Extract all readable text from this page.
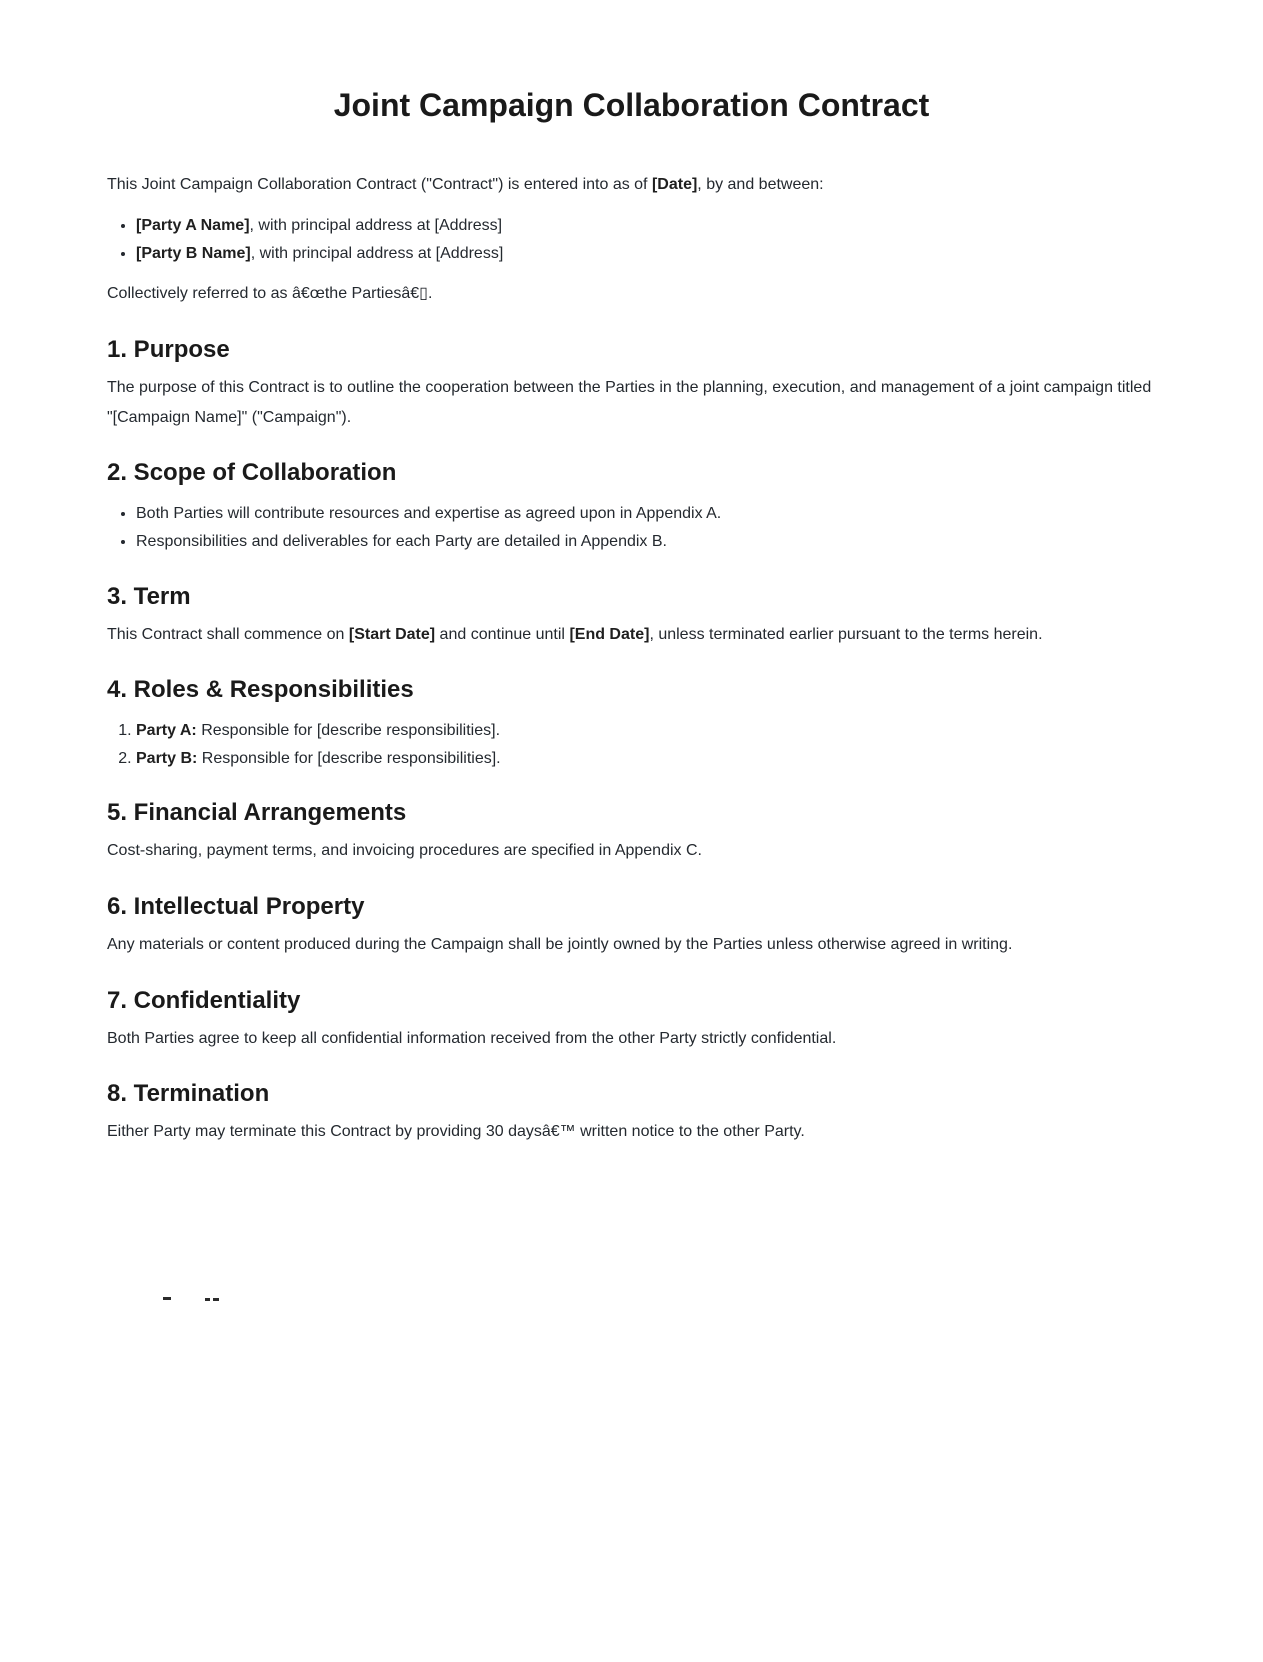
Joint Campaign Collaboration Contract

This Joint Campaign Collaboration Contract ("Contract") is entered into as of [Date], by and between:

• [Party A Name], with principal address at [Address]
• [Party B Name], with principal address at [Address]

Collectively referred to as â€œthe Partiesâ€▯.

1. Purpose

The purpose of this Contract is to outline the cooperation between the Parties in the planning, execution, and management of a joint campaign titled "[Campaign Name]" ("Campaign").

2. Scope of Collaboration
• Both Parties will contribute resources and expertise as agreed upon in Appendix A.
• Responsibilities and deliverables for each Party are detailed in Appendix B.
3. Term

This Contract shall commence on [Start Date] and continue until [End Date], unless terminated earlier pursuant to the terms herein.

4. Roles & Responsibilities
1. Party A: Responsible for [describe responsibilities].
2. Party B: Responsible for [describe responsibilities].
5. Financial Arrangements

Cost-sharing, payment terms, and invoicing procedures are specified in Appendix C.

6. Intellectual Property

Any materials or content produced during the Campaign shall be jointly owned by the Parties unless otherwise agreed in writing.

7. Confidentiality

Both Parties agree to keep all confidential information received from the other Party strictly confidential.

8. Termination

Either Party may terminate this Contract by providing 30 daysâ€™ written notice to the other Party.
